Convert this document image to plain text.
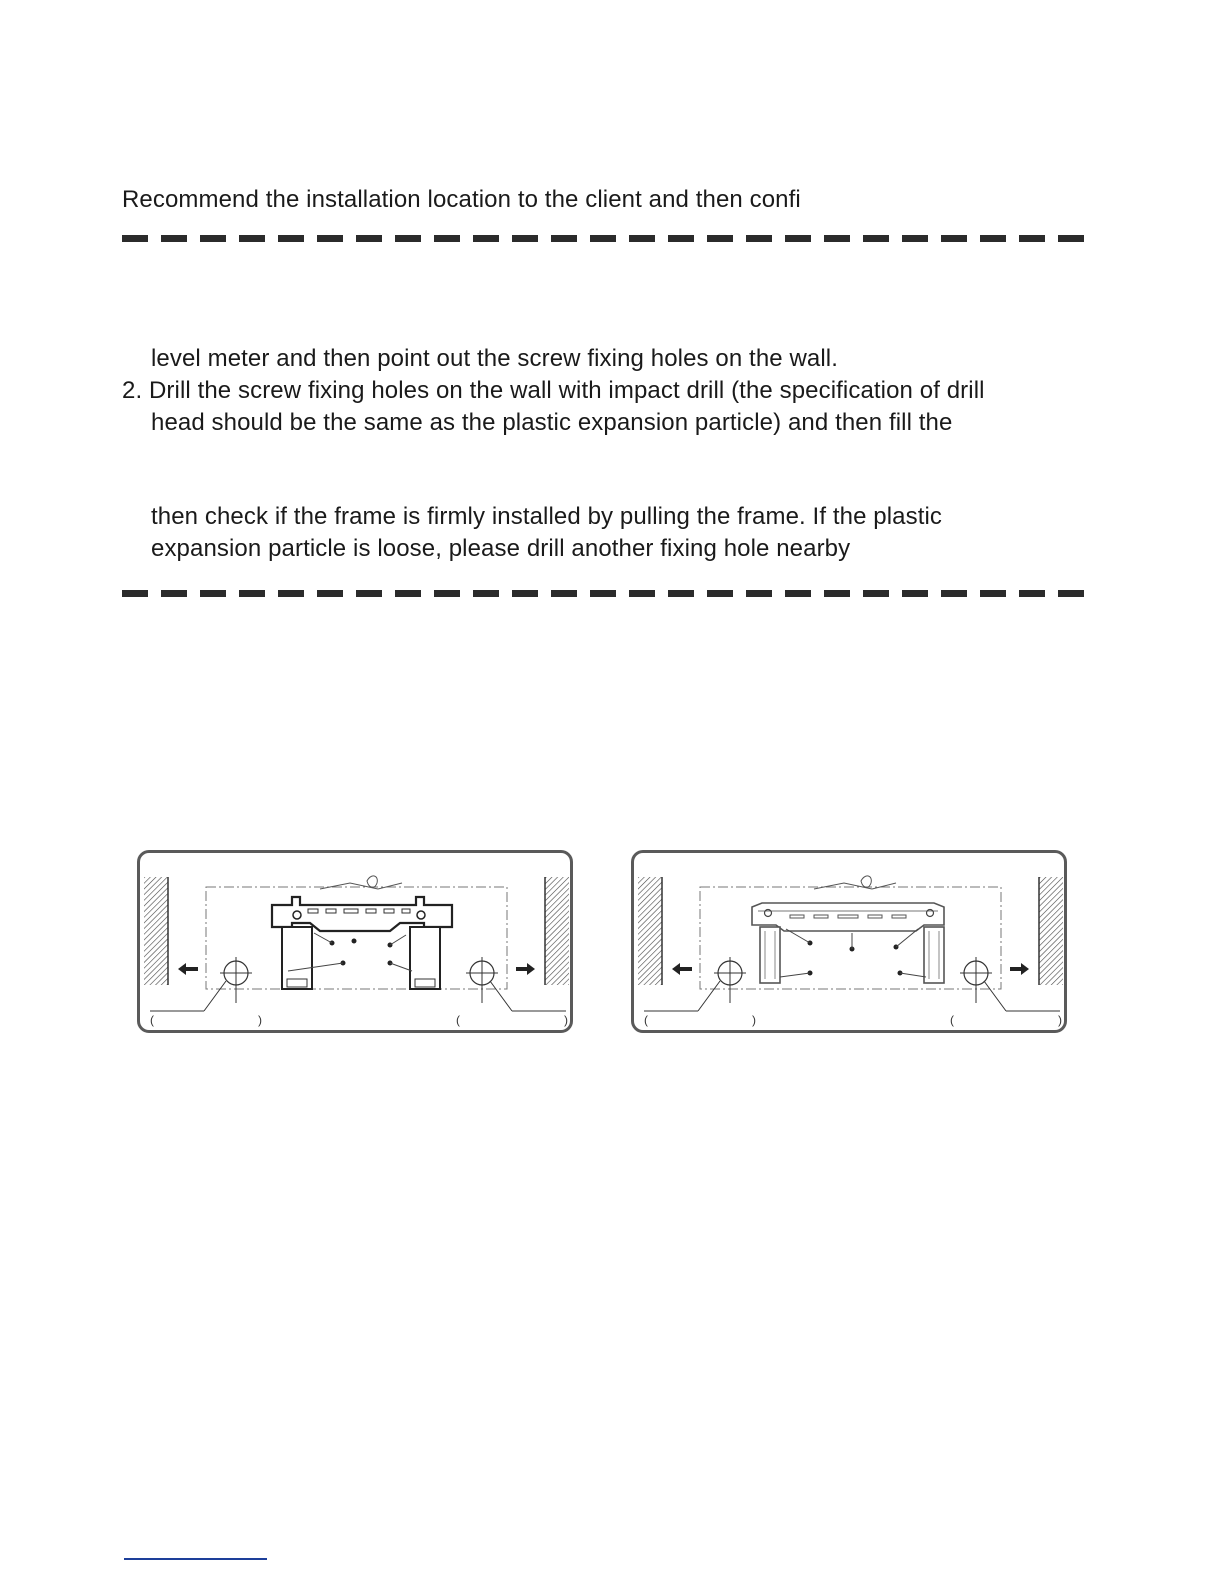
Recommend the installation location to the client and then confi
level meter and then point out the screw fixing holes on the wall.
2. Drill the screw fixing holes on the wall with impact drill (the specification of drill
head should be the same as the plastic expansion particle) and then fill the
then check if the frame is firmly installed by pulling the frame. If the plastic
expansion particle is loose, please drill another fixing hole nearby
(	)	(	)	(	)	(	)
